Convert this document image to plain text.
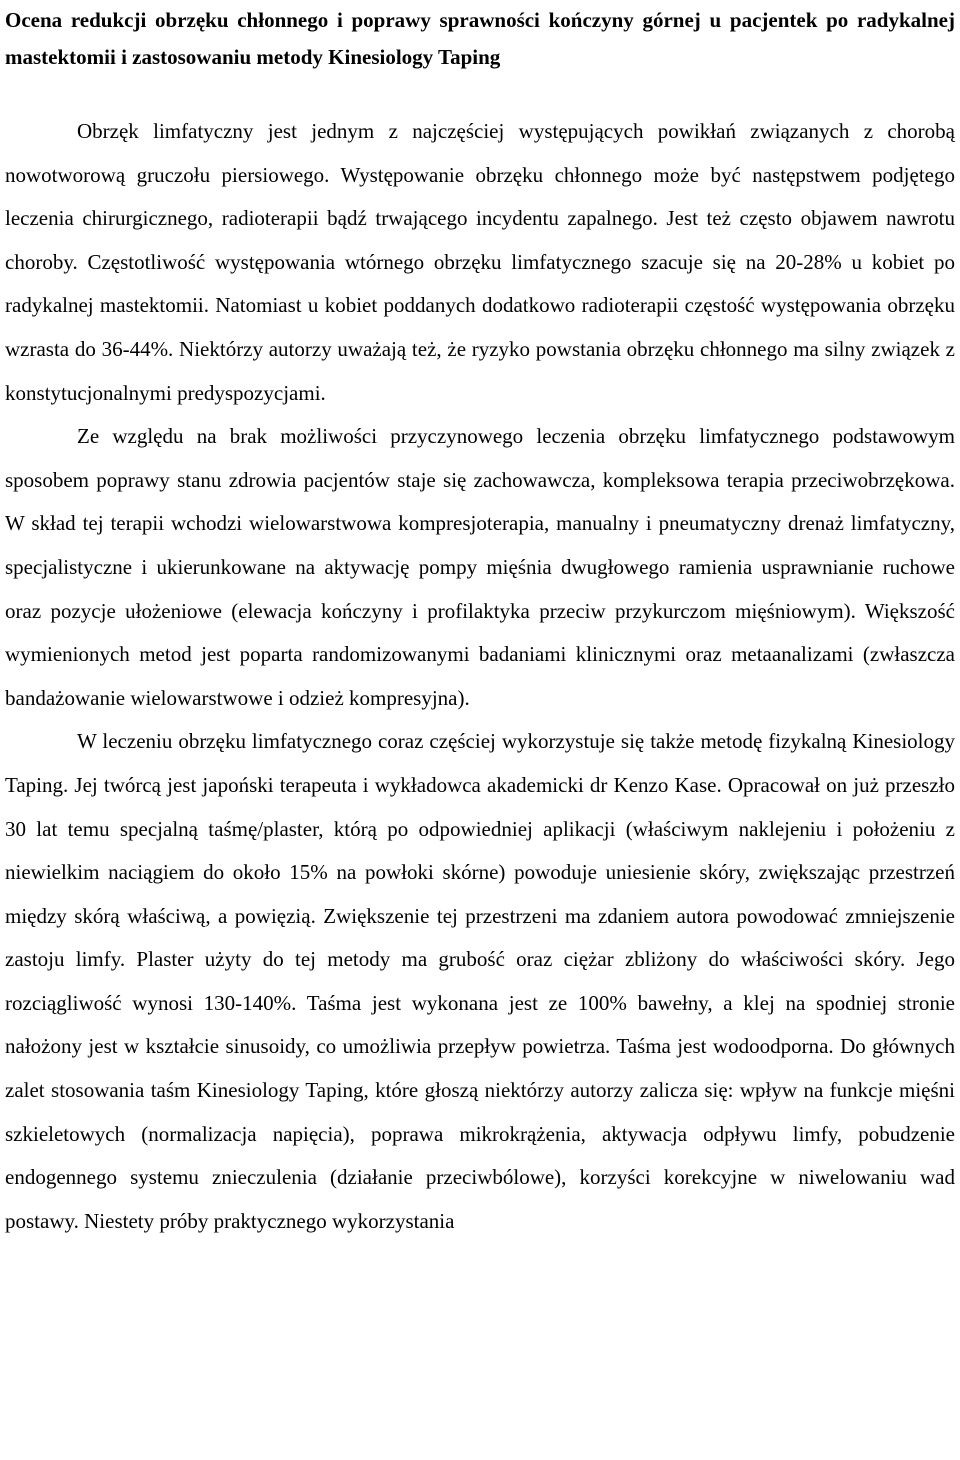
Ocena redukcji obrzęku chłonnego i poprawy sprawności kończyny górnej u pacjentek po radykalnej mastektomii i zastosowaniu metody Kinesiology Taping

Obrzęk limfatyczny jest jednym z najczęściej występujących powikłań związanych z chorobą nowotworową gruczołu piersiowego. Występowanie obrzęku chłonnego może być następstwem podjętego leczenia chirurgicznego, radioterapii bądź trwającego incydentu zapalnego. Jest też często objawem nawrotu choroby. Częstotliwość występowania wtórnego obrzęku limfatycznego szacuje się na 20-28% u kobiet po radykalnej mastektomii. Natomiast u kobiet poddanych dodatkowo radioterapii częstość występowania obrzęku wzrasta do 36-44%. Niektórzy autorzy uważają też, że ryzyko powstania obrzęku chłonnego ma silny związek z konstytucjonalnymi predyspozycjami.

Ze względu na brak możliwości przyczynowego leczenia obrzęku limfatycznego podstawowym sposobem poprawy stanu zdrowia pacjentów staje się zachowawcza, kompleksowa terapia przeciwobrzękowa. W skład tej terapii wchodzi wielowarstwowa kompresjoterapia, manualny i pneumatyczny drenaż limfatyczny, specjalistyczne i ukierunkowane na aktywację pompy mięśnia dwugłowego ramienia usprawnianie ruchowe oraz pozycje ułożeniowe (elewacja kończyny i profilaktyka przeciw przykurczom mięśniowym). Większość wymienionych metod jest poparta randomizowanymi badaniami klinicznymi oraz metaanalizami (zwłaszcza bandażowanie wielowarstwowe i odzież kompresyjna).

W leczeniu obrzęku limfatycznego coraz częściej wykorzystuje się także metodę fizykalną Kinesiology Taping. Jej twórcą jest japoński terapeuta i wykładowca akademicki dr Kenzo Kase. Opracował on już przeszło 30 lat temu specjalną taśmę/plaster, którą po odpowiedniej aplikacji (właściwym naklejeniu i położeniu z niewielkim naciągiem do około 15% na powłoki skórne) powoduje uniesienie skóry, zwiększając przestrzeń między skórą właściwą, a powięzią. Zwiększenie tej przestrzeni ma zdaniem autora powodować zmniejszenie zastoju limfy. Plaster użyty do tej metody ma grubość oraz ciężar zbliżony do właściwości skóry. Jego rozciągliwość wynosi 130-140%. Taśma jest wykonana jest ze 100% bawełny, a klej na spodniej stronie nałożony jest w kształcie sinusoidy, co umożliwia przepływ powietrza. Taśma jest wodoodporna. Do głównych zalet stosowania taśm Kinesiology Taping, które głoszą niektórzy autorzy zalicza się: wpływ na funkcje mięśni szkieletowych (normalizacja napięcia), poprawa mikrokrążenia, aktywacja odpływu limfy, pobudzenie endogennego systemu znieczulenia (działanie przeciwbólowe), korzyści korekcyjne w niwelowaniu wad postawy. Niestety próby praktycznego wykorzystania
